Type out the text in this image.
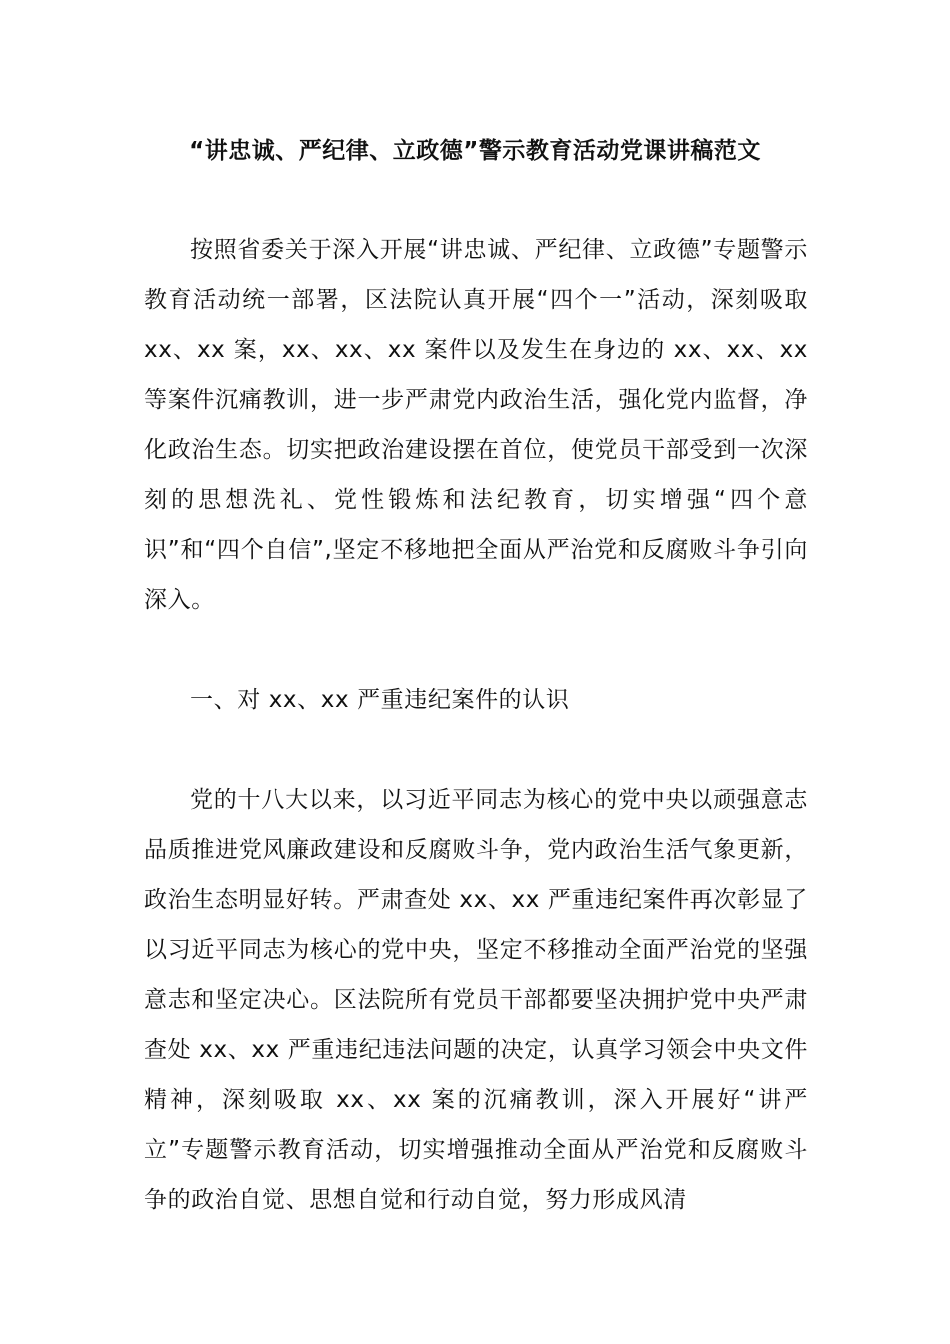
“讲忠诚、严纪律、立政德”警示教育活动党课讲稿范文

按照省委关于深入开展“讲忠诚、严纪律、立政德”专题警示教育活动统一部署，区法院认真开展“四个一”活动，深刻吸取 xx、xx 案，xx、xx、xx 案件以及发生在身边的 xx、xx、xx 等案件沉痛教训，进一步严肃党内政治生活，强化党内监督，净化政治生态。切实把政治建设摆在首位，使党员干部受到一次深刻的思想洗礼、党性锻炼和法纪教育，切实增强“四个意识”和“四个自信”,坚定不移地把全面从严治党和反腐败斗争引向深入。

一、对 xx、xx 严重违纪案件的认识

党的十八大以来，以习近平同志为核心的党中央以顽强意志品质推进党风廉政建设和反腐败斗争，党内政治生活气象更新，政治生态明显好转。严肃查处 xx、xx 严重违纪案件再次彰显了以习近平同志为核心的党中央，坚定不移推动全面严治党的坚强意志和坚定决心。区法院所有党员干部都要坚决拥护党中央严肃查处 xx、xx 严重违纪违法问题的决定，认真学习领会中央文件精神，深刻吸取 xx、xx 案的沉痛教训，深入开展好“讲严立”专题警示教育活动，切实增强推动全面从严治党和反腐败斗争的政治自觉、思想自觉和行动自觉，努力形成风清
